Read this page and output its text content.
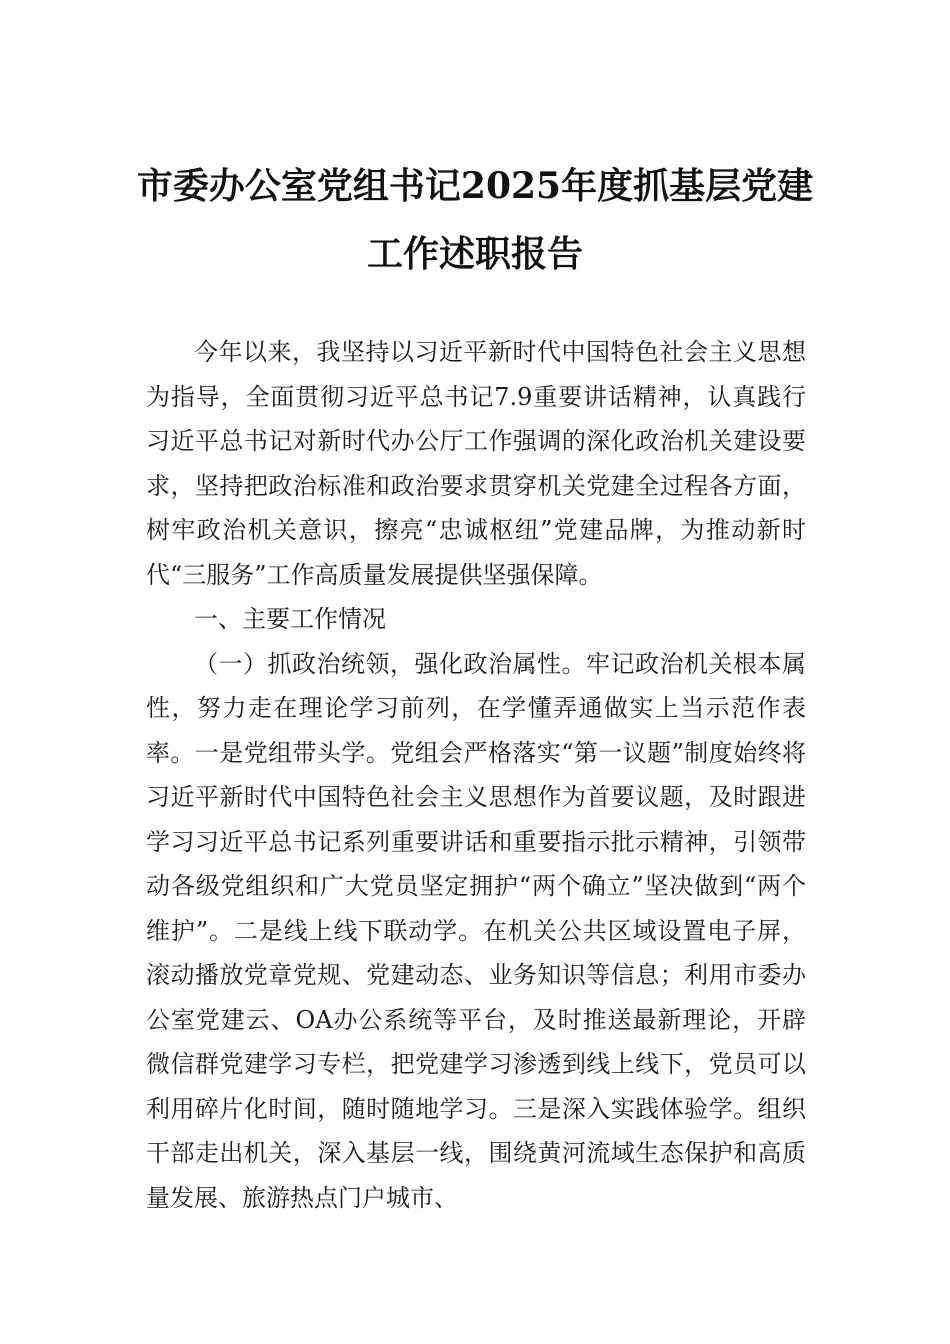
市委办公室党组书记2025年度抓基层党建
工作述职报告

今年以来，我坚持以习近平新时代中国特色社会主义思想为指导，全面贯彻习近平总书记7.9重要讲话精神，认真践行习近平总书记对新时代办公厅工作强调的深化政治机关建设要求，坚持把政治标准和政治要求贯穿机关党建全过程各方面，树牢政治机关意识，擦亮“忠诚枢纽”党建品牌，为推动新时代“三服务”工作高质量发展提供坚强保障。

一、主要工作情况

（一）抓政治统领，强化政治属性。牢记政治机关根本属性，努力走在理论学习前列，在学懂弄通做实上当示范作表率。一是党组带头学。党组会严格落实“第一议题”制度始终将习近平新时代中国特色社会主义思想作为首要议题，及时跟进学习习近平总书记系列重要讲话和重要指示批示精神，引领带动各级党组织和广大党员坚定拥护“两个确立”坚决做到“两个维护”。二是线上线下联动学。在机关公共区域设置电子屏，滚动播放党章党规、党建动态、业务知识等信息；利用市委办公室党建云、OA办公系统等平台，及时推送最新理论，开辟微信群党建学习专栏，把党建学习渗透到线上线下，党员可以利用碎片化时间，随时随地学习。三是深入实践体验学。组织干部走出机关，深入基层一线，围绕黄河流域生态保护和高质量发展、旅游热点门户城市、
